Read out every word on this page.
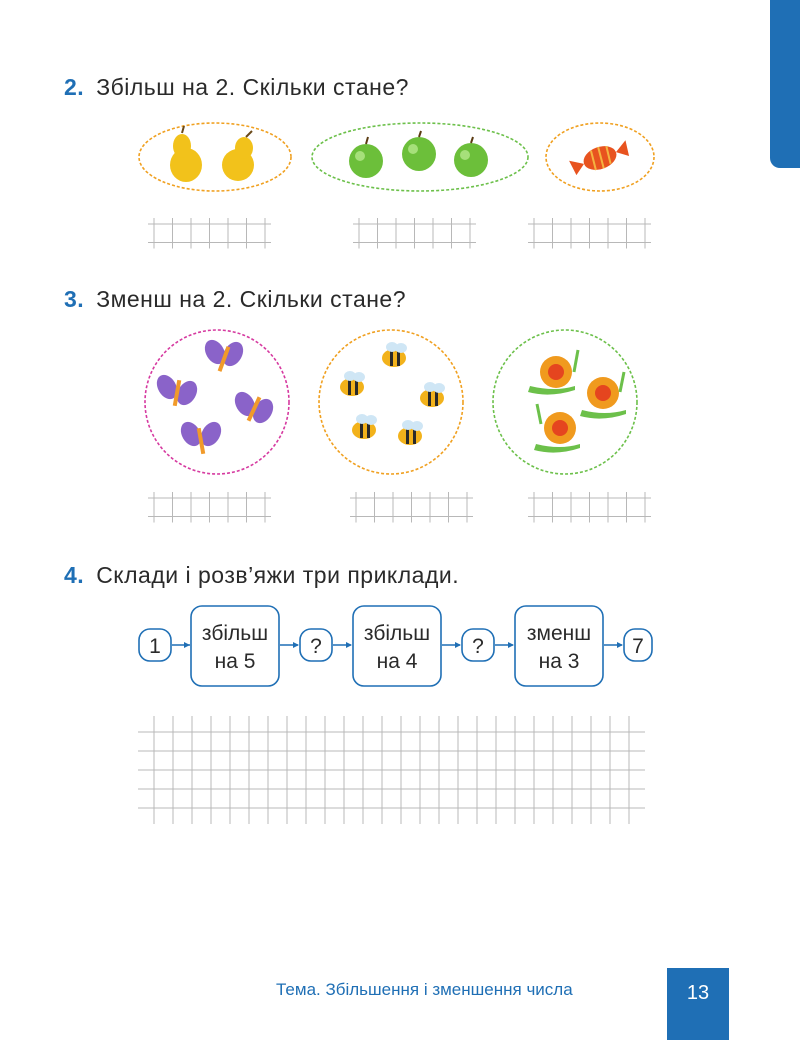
2. Збільш на 2. Скільки стане?
3. Зменш на 2. Скільки стане?
4. Склади і розв’яжи три приклади.
1
збільш
на 5
?
збільш
на 4
?
зменш
на 3
7
Тема. Збільшення і зменшення числа	13
